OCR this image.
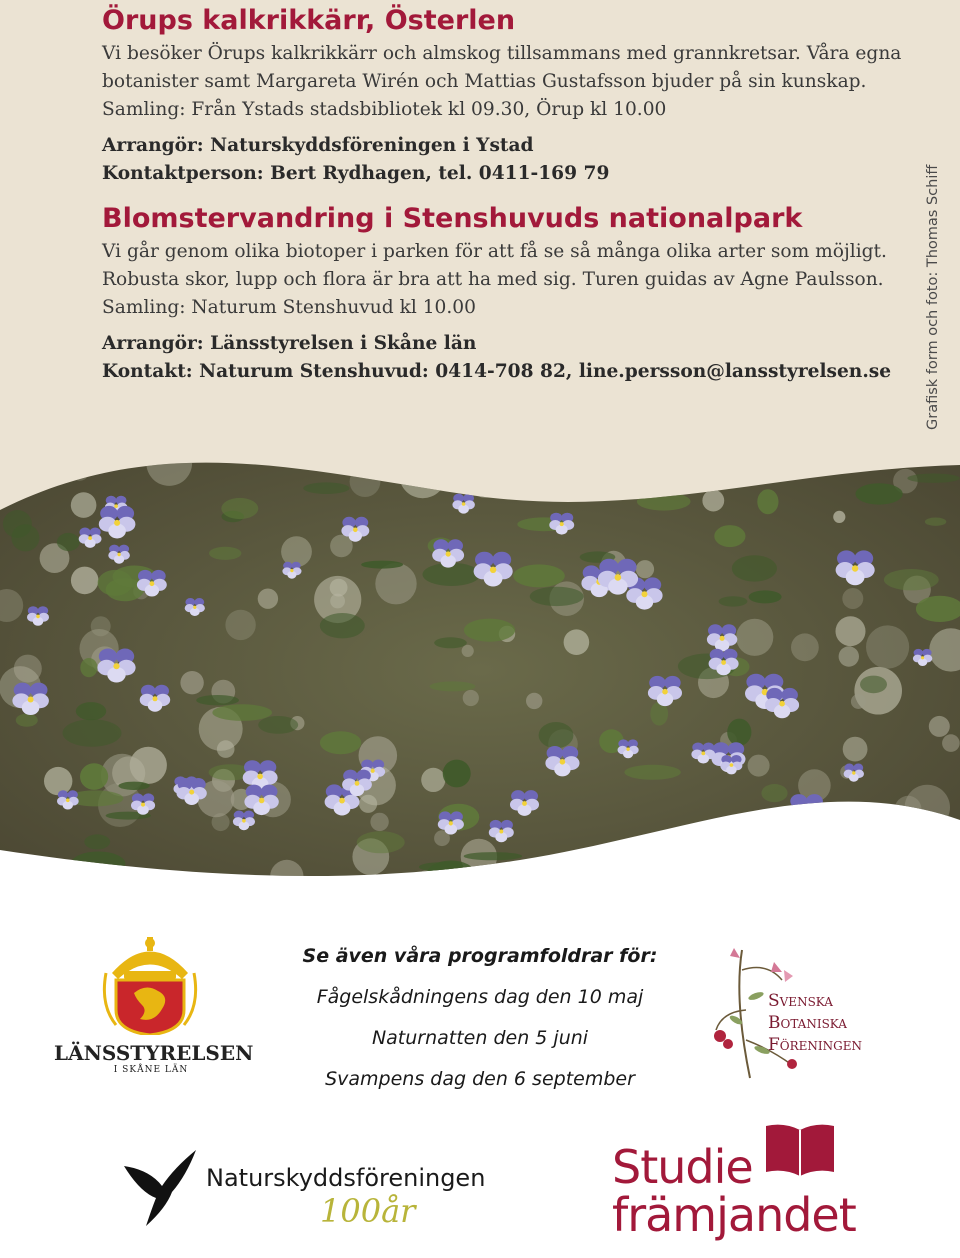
Örups kalkrikkärr, Österlen

Vi besöker Örups kalkrikkärr och almskog tillsammans med grannkretsar. Våra egna

botanister samt Margareta Wirén och Mattias Gustafsson bjuder på sin kunskap.

Samling: Från Ystads stadsbibliotek kl 09.30, Örup kl 10.00

Arrangör: Naturskyddsföreningen i Ystad

Kontaktperson: Bert Rydhagen, tel. 0411-169 79

Blomstervandring i Stenshuvuds nationalpark

Vi går genom olika biotoper i parken för att få se så många olika arter som möjligt.

Robusta skor, lupp och flora är bra att ha med sig. Turen guidas av Agne Paulsson.

Samling: Naturum Stenshuvud kl 10.00

Arrangör: Länsstyrelsen i Skåne län

Kontakt: Naturum Stenshuvud: 0414-708 82, line.persson@lansstyrelsen.se	Grafisk form och foto: Thomas Schiff
LÄNSSTYRELSEN
I SKÅNE LÄN
Se även våra programfoldrar för:
Fågelskådningens dag den 10 maj
Naturnatten den 5 juni
Svampens dag den 6 september
Svenska
Botaniska
Föreningen
Naturskyddsföreningen
100år
Studie
främjandet
